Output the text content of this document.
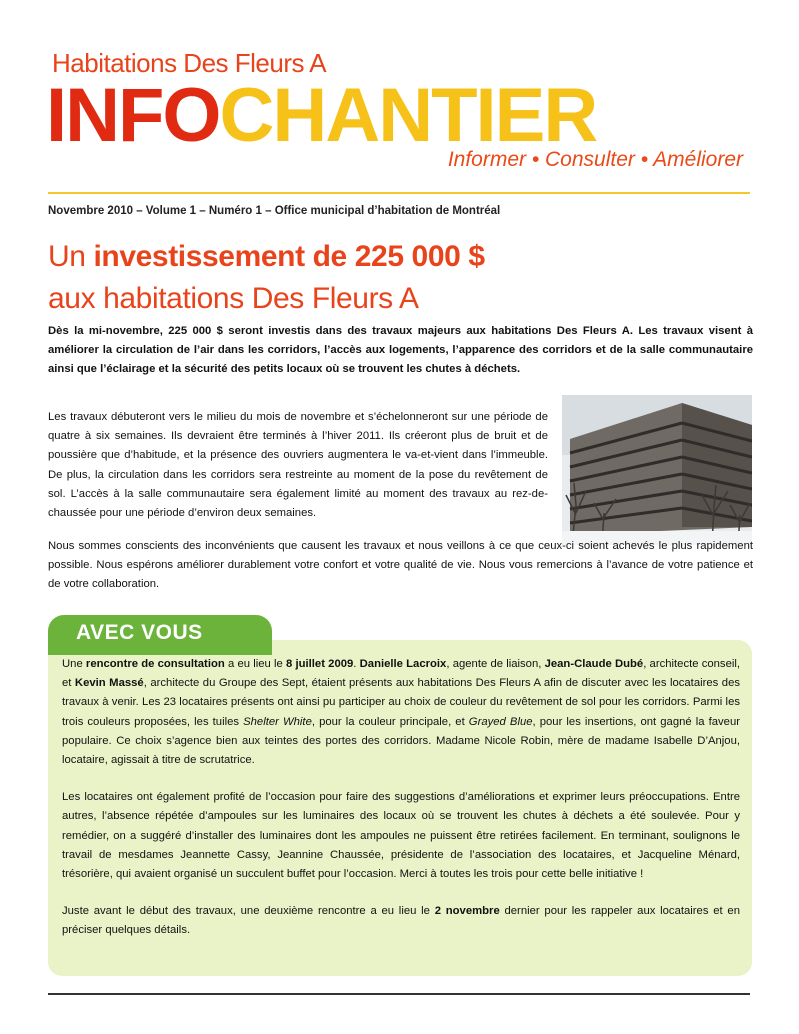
Habitations Des Fleurs A
INFOCHANTIER
Informer • Consulter • Améliorer
Novembre 2010 – Volume 1 – Numéro 1 – Office municipal d’habitation de Montréal
Un investissement de 225 000 $
aux habitations Des Fleurs A
Dès la mi-novembre, 225 000 $ seront investis dans des travaux majeurs aux habitations Des Fleurs A. Les travaux visent à améliorer la circulation de l’air dans les corridors, l’accès aux logements, l’apparence des corridors et de la salle communautaire ainsi que l’éclairage et la sécurité des petits locaux où se trouvent les chutes à déchets.
Les travaux débuteront vers le milieu du mois de novembre et s’échelonneront sur une période de quatre à six semaines. Ils devraient être terminés à l’hiver 2011. Ils créeront plus de bruit et de poussière que d’habitude, et la présence des ouvriers augmentera le va-et-vient dans l’immeuble. De plus, la circulation dans les corridors sera restreinte au moment de la pose du revêtement de sol. L’accès à la salle communautaire sera également limité au moment des travaux au rez-de-chaussée pour une période d’environ deux semaines.
Nous sommes conscients des inconvénients que causent les travaux et nous veillons à ce que ceux-ci soient achevés le plus rapidement possible. Nous espérons améliorer durablement votre confort et votre qualité de vie. Nous vous remercions à l’avance de votre patience et de votre collaboration.
AVEC VOUS

Une rencontre de consultation a eu lieu le 8 juillet 2009. Danielle Lacroix, agente de liaison, Jean-Claude Dubé, architecte conseil, et Kevin Massé, architecte du Groupe des Sept, étaient présents aux habitations Des Fleurs A afin de discuter avec les locataires des travaux à venir. Les 23 locataires présents ont ainsi pu participer au choix de couleur du revêtement de sol pour les corridors. Parmi les trois couleurs proposées, les tuiles Shelter White, pour la couleur principale, et Grayed Blue, pour les insertions, ont gagné la faveur populaire. Ce choix s’agence bien aux teintes des portes des corridors. Madame Nicole Robin, mère de madame Isabelle D’Anjou, locataire, agissait à titre de scrutatrice.

Les locataires ont également profité de l’occasion pour faire des suggestions d’améliorations et exprimer leurs préoccupations. Entre autres, l’absence répétée d’ampoules sur les luminaires des locaux où se trouvent les chutes à déchets a été soulevée. Pour y remédier, on a suggéré d’installer des luminaires dont les ampoules ne puissent être retirées facilement. En terminant, soulignons le travail de mesdames Jeannette Cassy, Jeannine Chaussée, présidente de l’association des locataires, et Jacqueline Ménard, trésorière, qui avaient organisé un succulent buffet pour l’occasion. Merci à toutes les trois pour cette belle initiative !

Juste avant le début des travaux, une deuxième rencontre a eu lieu le 2 novembre dernier pour les rappeler aux locataires et en préciser quelques détails.
